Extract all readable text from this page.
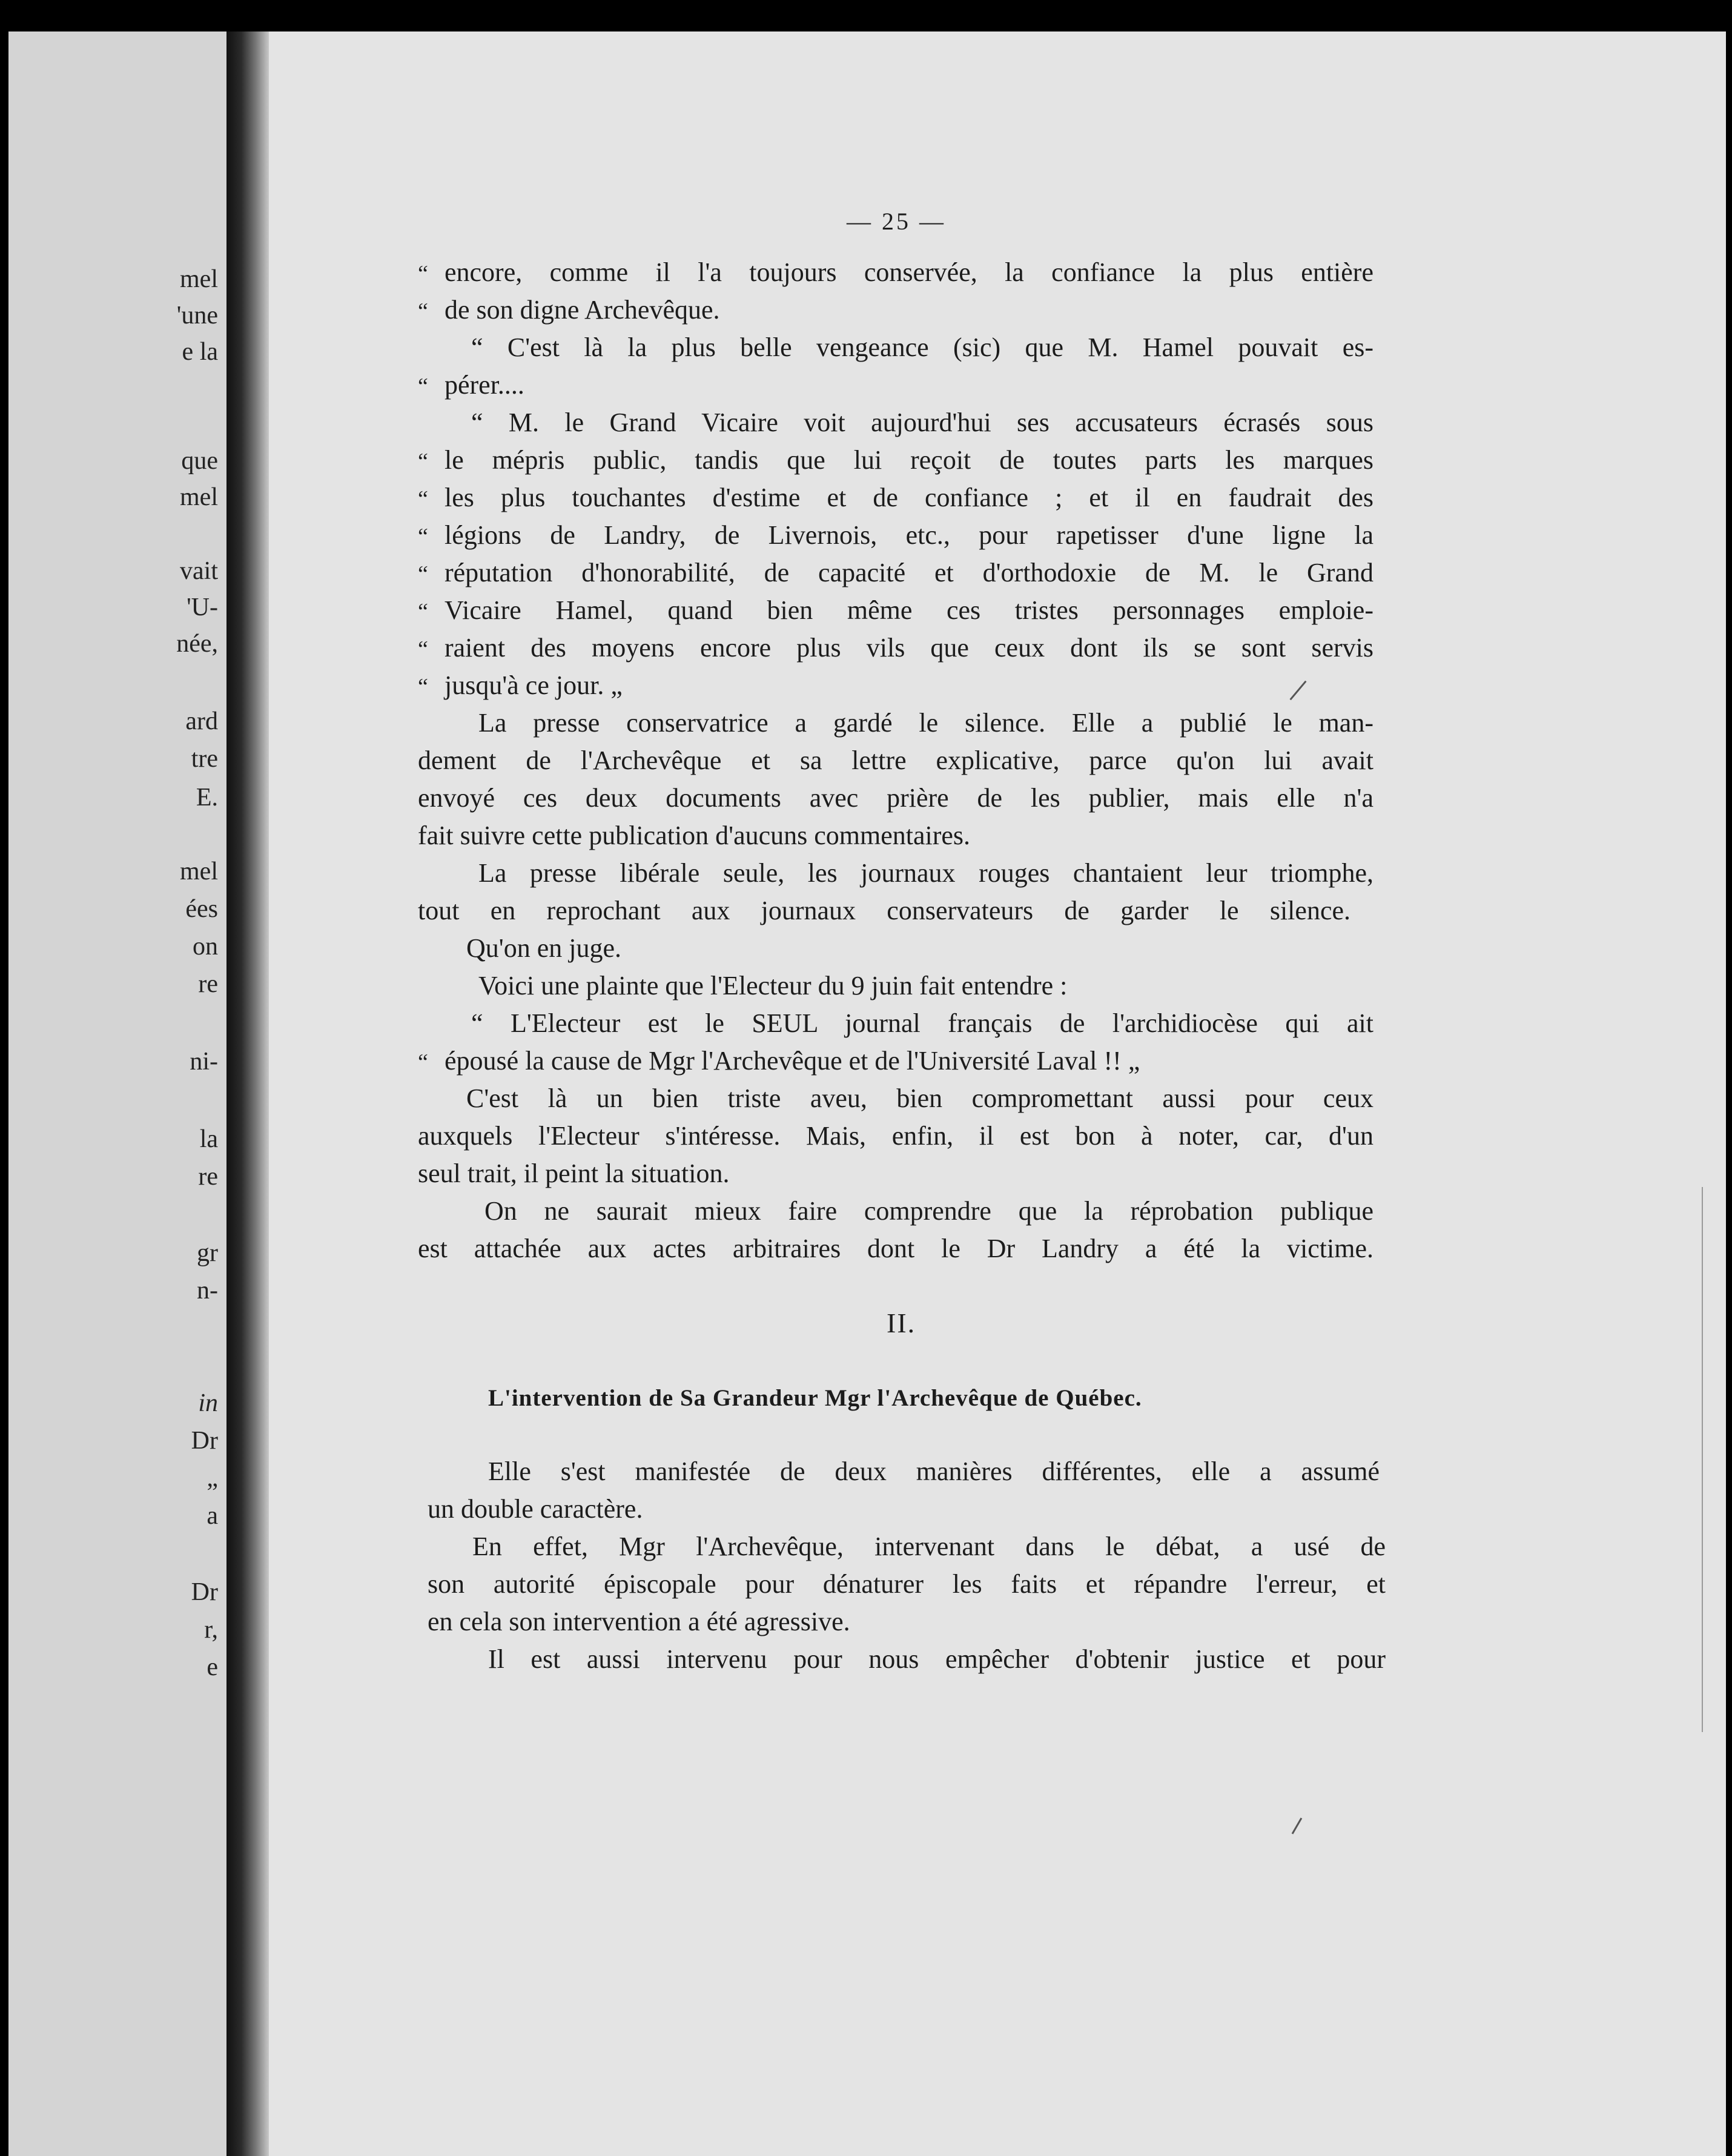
mel
'une
e la
que
mel
vait
'U-
née,
ard
tre
E.
mel
ées
on
re
ni-
la
re
gr
n-
in
Dr
„
a
Dr
r,
e
— 25 —
“ encore, comme il l'a toujours conservée, la confiance la plus entière
“ de son digne Archevêque.
“ C'est là la plus belle vengeance (sic) que M. Hamel pouvait es-
“ pérer....
“ M. le Grand Vicaire voit aujourd'hui ses accusateurs écrasés sous
“ le mépris public, tandis que lui reçoit de toutes parts les marques
“ les plus touchantes d'estime et de confiance ; et il en faudrait des
“ légions de Landry, de Livernois, etc., pour rapetisser d'une ligne la
“ réputation d'honorabilité, de capacité et d'orthodoxie de M. le Grand
“ Vicaire Hamel, quand bien même ces tristes personnages emploie-
“ raient des moyens encore plus vils que ceux dont ils se sont servis
“ jusqu'à ce jour. „
La presse conservatrice a gardé le silence. Elle a publié le man-
dement de l'Archevêque et sa lettre explicative, parce qu'on lui avait
envoyé ces deux documents avec prière de les publier, mais elle n'a
fait suivre cette publication d'aucuns commentaires.
La presse libérale seule, les journaux rouges chantaient leur triomphe,
tout en reprochant aux journaux conservateurs de garder le silence.
Qu'on en juge.
Voici une plainte que l'Electeur du 9 juin fait entendre :
“ L'Electeur est le SEUL journal français de l'archidiocèse qui ait
“ épousé la cause de Mgr l'Archevêque et de l'Université Laval !! „
C'est là un bien triste aveu, bien compromettant aussi pour ceux
auxquels l'Electeur s'intéresse. Mais, enfin, il est bon à noter, car, d'un
seul trait, il peint la situation.
On ne saurait mieux faire comprendre que la réprobation publique
est attachée aux actes arbitraires dont le Dr Landry a été la victime.
II.
L'intervention de Sa Grandeur Mgr l'Archevêque de Québec.
Elle s'est manifestée de deux manières différentes, elle a assumé
un double caractère.
En effet, Mgr l'Archevêque, intervenant dans le débat, a usé de
son autorité épiscopale pour dénaturer les faits et répandre l'erreur, et
en cela son intervention a été agressive.
Il est aussi intervenu pour nous empêcher d'obtenir justice et pour
